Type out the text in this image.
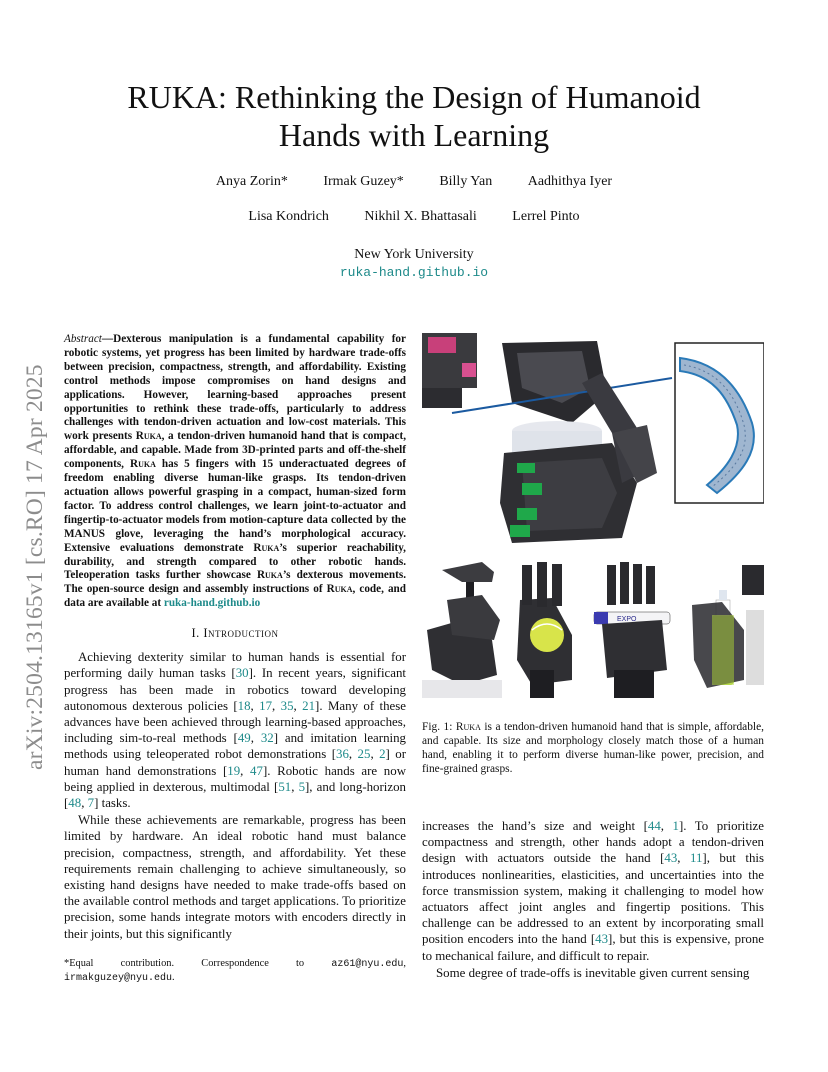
arXiv:2504.13165v1 [cs.RO] 17 Apr 2025
RUKA: Rethinking the Design of Humanoid
Hands with Learning
Anya Zorin*	Irmak Guzey*	Billy Yan	Aadhithya Iyer
Lisa Kondrich	Nikhil X. Bhattasali	Lerrel Pinto
New York University
ruka-hand.github.io
Abstract—Dexterous manipulation is a fundamental capability for robotic systems, yet progress has been limited by hardware trade-offs between precision, compactness, strength, and affordability. Existing control methods impose compromises on hand designs and applications. However, learning-based approaches present opportunities to rethink these trade-offs, particularly to address challenges with tendon-driven actuation and low-cost materials. This work presents Ruka, a tendon-driven humanoid hand that is compact, affordable, and capable. Made from 3D-printed parts and off-the-shelf components, Ruka has 5 fingers with 15 underactuated degrees of freedom enabling diverse human-like grasps. Its tendon-driven actuation allows powerful grasping in a compact, human-sized form factor. To address control challenges, we learn joint-to-actuator and fingertip-to-actuator models from motion-capture data collected by the MANUS glove, leveraging the hand’s morphological accuracy. Extensive evaluations demonstrate Ruka’s superior reachability, durability, and strength compared to other robotic hands. Teleoperation tasks further showcase Ruka’s dexterous movements. The open-source design and assembly instructions of Ruka, code, and data are available at ruka-hand.github.io
I. Introduction

Achieving dexterity similar to human hands is essential for performing daily human tasks [30]. In recent years, significant progress has been made in robotics toward developing autonomous dexterous policies [18, 17, 35, 21]. Many of these advances have been achieved through learning-based approaches, including sim-to-real methods [49, 32] and imitation learning methods using teleoperated robot demonstrations [36, 25, 2] or human hand demonstrations [19, 47]. Robotic hands are now being applied in dexterous, multimodal [51, 5], and long-horizon [48, 7] tasks.

While these achievements are remarkable, progress has been limited by hardware. An ideal robotic hand must balance precision, compactness, strength, and affordability. Yet these requirements remain challenging to achieve simultaneously, so existing hand designs have needed to make trade-offs based on the available control methods and target applications. To prioritize precision, some hands integrate motors with encoders directly in their joints, but this significantly

*Equal contribution. Correspondence to az61@nyu.edu, irmakguzey@nyu.edu.
EXPO
Fig. 1: Ruka is a tendon-driven humanoid hand that is simple, affordable, and capable. Its size and morphology closely match those of a human hand, enabling it to perform diverse human-like power, precision, and fine-grained grasps.

increases the hand’s size and weight [44, 1]. To prioritize compactness and strength, other hands adopt a tendon-driven design with actuators outside the hand [43, 11], but this introduces nonlinearities, elasticities, and uncertainties into the force transmission system, making it challenging to model how actuators affect joint angles and fingertip positions. This challenge can be addressed to an extent by incorporating small position encoders into the hand [43], but this is expensive, prone to mechanical failure, and difficult to repair.

Some degree of trade-offs is inevitable given current sensing
